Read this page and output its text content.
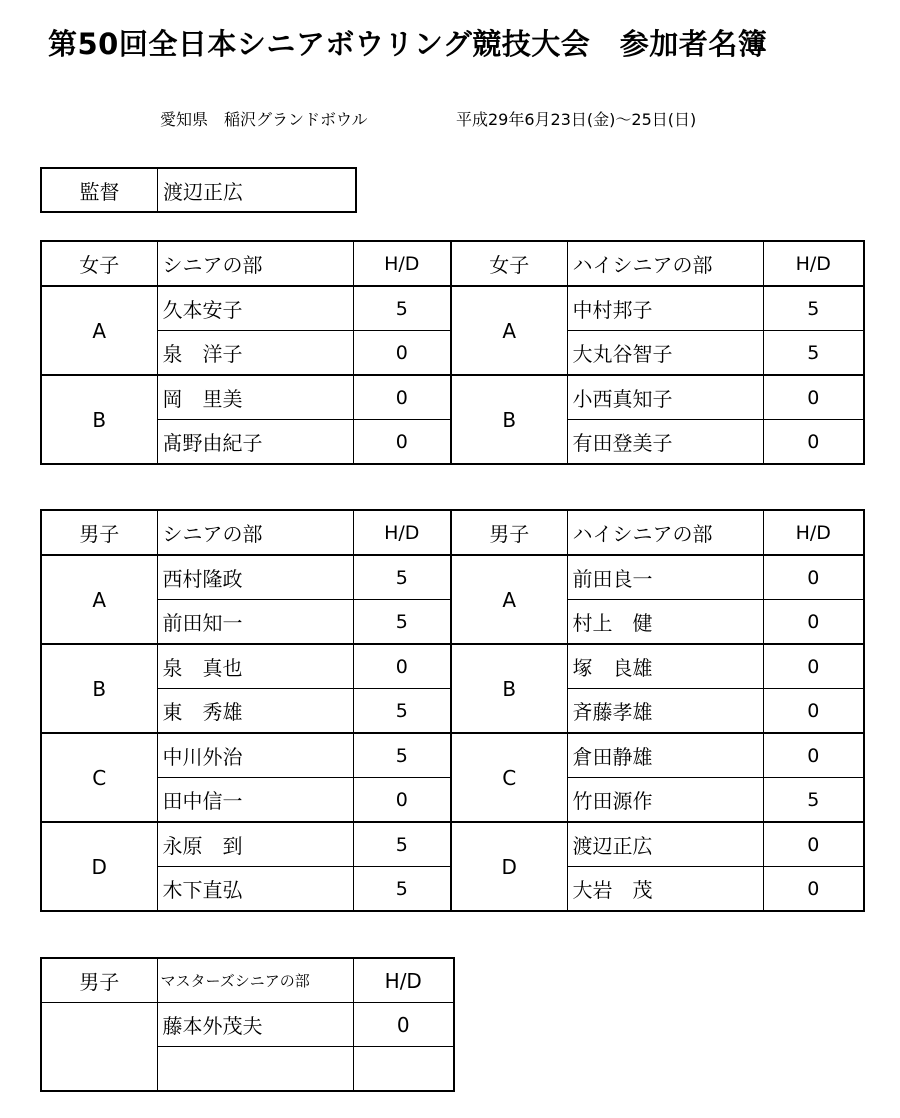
第50回全日本シニアボウリング競技大会　参加者名簿
愛知県　稲沢グランドボウル	平成29年6月23日(金)～25日(日)
監督	渡辺正広
女子	シニアの部	H/D	女子	ハイシニアの部	H/D
A	久本安子	5	A	中村邦子	5
	泉　洋子	0		大丸谷智子	5
B	岡　里美	0	B	小西真知子	0
	髙野由紀子	0		有田登美子	0
男子	シニアの部	H/D	男子	ハイシニアの部	H/D
A	西村隆政	5	A	前田良一	0
	前田知一	5		村上　健	0
B	泉　真也	0	B	塚　良雄	0
	東　秀雄	5		斉藤孝雄	0
C	中川外治	5	C	倉田静雄	0
	田中信一	0		竹田源作	5
D	永原　到	5	D	渡辺正広	0
	木下直弘	5		大岩　茂	0
男子	マスターズシニアの部	H/D
	藤本外茂夫	0
